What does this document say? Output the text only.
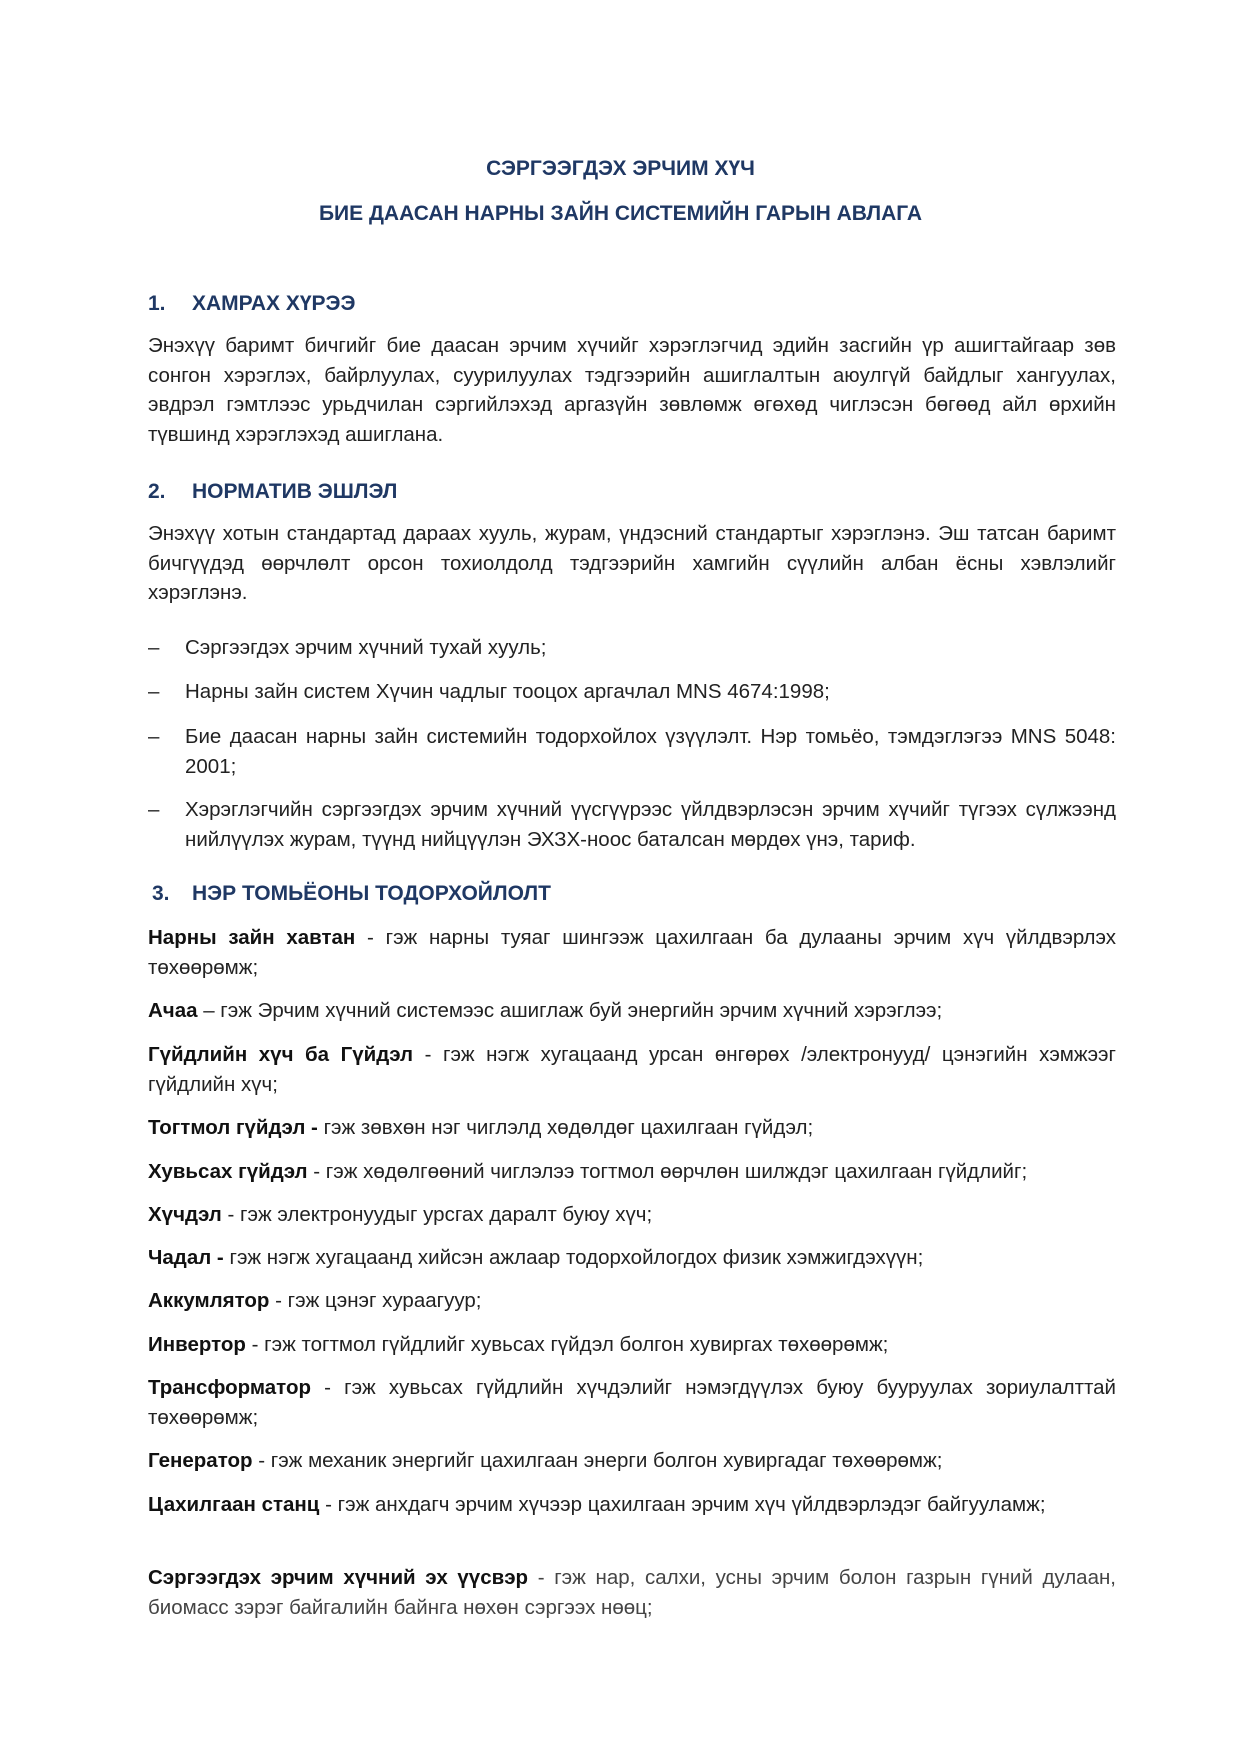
СЭРГЭЭГДЭХ ЭРЧИМ ХҮЧ
БИЕ ДААСАН НАРНЫ ЗАЙН СИСТЕМИЙН ГАРЫН АВЛАГА
1. ХАМРАХ ХҮРЭЭ
Энэхүү баримт бичгийг бие даасан эрчим хүчийг хэрэглэгчид эдийн засгийн үр ашигтайгаар зөв сонгон хэрэглэх, байрлуулах, суурилуулах тэдгээрийн ашиглалтын аюулгүй байдлыг хангуулах, эвдрэл гэмтлээс урьдчилан сэргийлэхэд аргазүйн зөвлөмж өгөхөд чиглэсэн бөгөөд айл өрхийн түвшинд хэрэглэхэд ашиглана.
2. НОРМАТИВ ЭШЛЭЛ
Энэхүү хотын стандартад дараах хууль, журам, үндэсний стандартыг хэрэглэнэ. Эш татсан баримт бичгүүдэд өөрчлөлт орсон тохиолдолд тэдгээрийн хамгийн сүүлийн албан ёсны хэвлэлийг хэрэглэнэ.
– Сэргээгдэх эрчим хүчний тухай хууль;
– Нарны зайн систем Хүчин чадлыг тооцох аргачлал MNS 4674:1998;
– Бие даасан нарны зайн системийн тодорхойлох үзүүлэлт. Нэр томьёо, тэмдэглэгээ MNS 5048: 2001;
– Хэрэглэгчийн сэргээгдэх эрчим хүчний үүсгүүрээс үйлдвэрлэсэн эрчим хүчийг түгээх сүлжээнд нийлүүлэх журам, түүнд нийцүүлэн ЭХЗХ-ноос баталсан мөрдөх үнэ, тариф.
3. НЭР ТОМЬЁОНЫ ТОДОРХОЙЛОЛТ
Нарны зайн хавтан - гэж нарны туяаг шингээж цахилгаан ба дулааны эрчим хүч үйлдвэрлэх төхөөрөмж;
Ачаа – гэж Эрчим хүчний системээс ашиглаж буй энергийн эрчим хүчний хэрэглээ;
Гүйдлийн хүч ба Гүйдэл - гэж нэгж хугацаанд урсан өнгөрөх /электронууд/ цэнэгийн хэмжээг гүйдлийн хүч;
Тогтмол гүйдэл - гэж зөвхөн нэг чиглэлд хөдөлдөг цахилгаан гүйдэл;
Хувьсах гүйдэл - гэж хөдөлгөөний чиглэлээ тогтмол өөрчлөн шилждэг цахилгаан гүйдлийг;
Хүчдэл - гэж электронуудыг урсгах даралт буюу хүч;
Чадал - гэж нэгж хугацаанд хийсэн ажлаар тодорхойлогдох физик хэмжигдэхүүн;
Аккумлятор - гэж цэнэг хураагуур;
Инвертор - гэж тогтмол гүйдлийг хувьсах гүйдэл болгон хувиргах төхөөрөмж;
Трансформатор - гэж хувьсах гүйдлийн хүчдэлийг нэмэгдүүлэх буюу бууруулах зориулалттай төхөөрөмж;
Генератор - гэж механик энергийг цахилгаан энерги болгон хувиргадаг төхөөрөмж;
Цахилгаан станц - гэж анхдагч эрчим хүчээр цахилгаан эрчим хүч үйлдвэрлэдэг байгууламж;
Сэргээгдэх эрчим хүчний эх үүсвэр - гэж нар, салхи, усны эрчим болон газрын гүний дулаан, биомасс зэрэг байгалийн байнга нөхөн сэргээх нөөц;
